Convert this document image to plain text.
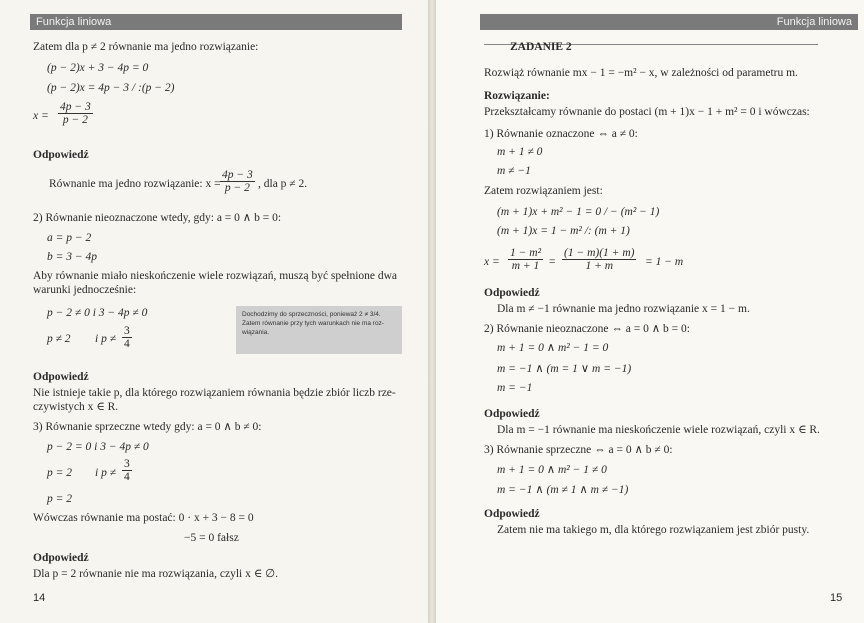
Funkcja liniowa
Zatem dla p ≠ 2 równanie ma jedno rozwiązanie:
(p − 2)x + 3 − 4p = 0
(p − 2)x = 4p − 3 / :(p − 2)
$x = \frac{4p - 3}{p - 2}$
Odpowiedź
Równanie ma jedno rozwiązanie: $x = \frac{4p - 3}{p - 2}$ , dla p ≠ 2.
2) Równanie nieoznaczone wtedy, gdy: a = 0 ∧ b = 0:
a = p − 2
b = 3 − 4p
Aby równanie miało nieskończenie wiele rozwiązań, muszą być spełnione dwa
warunki jednocześnie:
p − 2 ≠ 0 i 3 − 4p ≠ 0
p ≠ 2 i $p \ne \frac{3}{4}$
Dochodzimy do sprzeczności, ponieważ 2 ≠ 3/4.
Zatem równanie przy tych warunkach nie ma roz-
wiązania.
Odpowiedź
Nie istnieje takie p, dla którego rozwiązaniem równania będzie zbiór liczb rze-
czywistych x ∈ R.
3) Równanie sprzeczne wtedy gdy: a = 0 ∧ b ≠ 0:
p − 2 = 0 i 3 − 4p ≠ 0
p = 2 i $p \ne \frac{3}{4}$
p = 2
Wówczas równanie ma postać: 0 · x + 3 − 8 = 0
−5 = 0 fałsz
Odpowiedź
Dla p = 2 równanie nie ma rozwiązania, czyli x ∈ ∅.
14
Funkcja liniowa
ZADANIE 2
Rozwiąż równanie mx − 1 = −m² − x, w zależności od parametru m.
Rozwiązanie:
Przekształcamy równanie do postaci (m + 1)x − 1 + m² = 0 i wówczas:
1) Równanie oznaczone ⇔ a ≠ 0:
m + 1 ≠ 0
m ≠ −1
Zatem rozwiązaniem jest:
(m + 1)x + m² − 1 = 0 / − (m² − 1)
(m + 1)x = 1 − m² /: (m + 1)
$x = \frac{\text{1 − m²}}{m + 1} = \frac{(1 - m)(1 + m)}{1 + m} = 1 - m$
Odpowiedź
Dla m ≠ −1 równanie ma jedno rozwiązanie x = 1 − m.
2) Równanie nieoznaczone ⇔ a = 0 ∧ b = 0:
m + 1 = 0 ∧ m² − 1 = 0
m = −1 ∧ (m = 1 ∨ m = −1)
m = −1
Odpowiedź
Dla m = −1 równanie ma nieskończenie wiele rozwiązań, czyli x ∈ R.
3) Równanie sprzeczne ⇔ a = 0 ∧ b ≠ 0:
m + 1 = 0 ∧ m² − 1 ≠ 0
m = −1 ∧ (m ≠ 1 ∧ m ≠ −1)
Odpowiedź
Zatem nie ma takiego m, dla którego rozwiązaniem jest zbiór pusty.
15
